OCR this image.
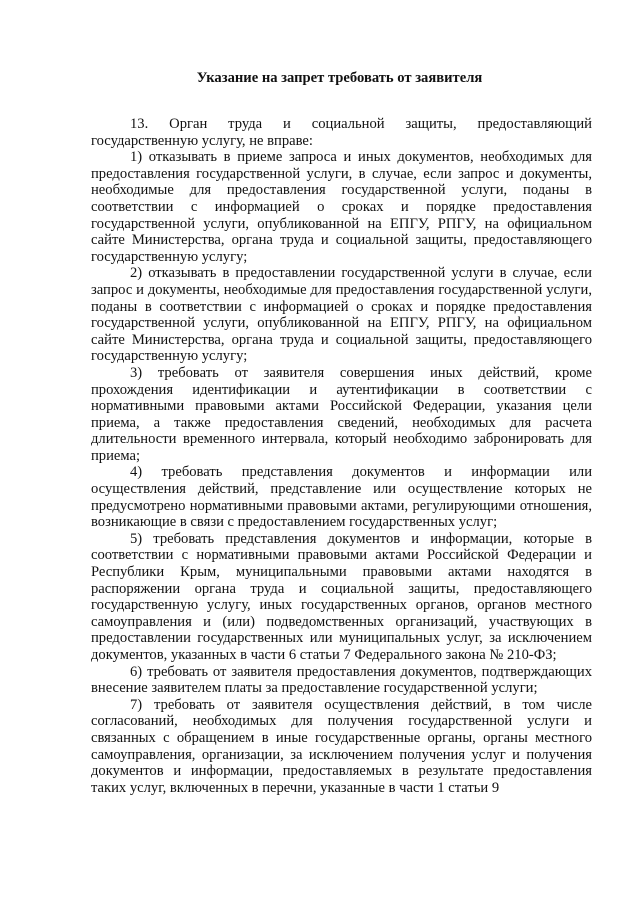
Указание на запрет требовать от заявителя

13. Орган труда и социальной защиты, предоставляющий государственную услугу, не вправе:

1) отказывать в приеме запроса и иных документов, необходимых для предоставления государственной услуги, в случае, если запрос и документы, необходимые для предоставления государственной услуги, поданы в соответствии с информацией о сроках и порядке предоставления государственной услуги, опубликованной на ЕПГУ, РПГУ, на официальном сайте Министерства, органа труда и социальной защиты, предоставляющего государственную услугу;

2) отказывать в предоставлении государственной услуги в случае, если запрос и документы, необходимые для предоставления государственной услуги, поданы в соответствии с информацией о сроках и порядке предоставления государственной услуги, опубликованной на ЕПГУ, РПГУ, на официальном сайте Министерства, органа труда и социальной защиты, предоставляющего государственную услугу;

3) требовать от заявителя совершения иных действий, кроме прохождения идентификации и аутентификации в соответствии с нормативными правовыми актами Российской Федерации, указания цели приема, а также предоставления сведений, необходимых для расчета длительности временного интервала, который необходимо забронировать для приема;

4) требовать представления документов и информации или осуществления действий, представление или осуществление которых не предусмотрено нормативными правовыми актами, регулирующими отношения, возникающие в связи с предоставлением государственных услуг;

5) требовать представления документов и информации, которые в соответствии с нормативными правовыми актами Российской Федерации и Республики Крым, муниципальными правовыми актами находятся в распоряжении органа труда и социальной защиты, предоставляющего государственную услугу, иных государственных органов, органов местного самоуправления и (или) подведомственных организаций, участвующих в предоставлении государственных или муниципальных услуг, за исключением документов, указанных в части 6 статьи 7 Федерального закона № 210-ФЗ;

6) требовать от заявителя предоставления документов, подтверждающих внесение заявителем платы за предоставление государственной услуги;

7) требовать от заявителя осуществления действий, в том числе согласований, необходимых для получения государственной услуги и связанных с обращением в иные государственные органы, органы местного самоуправления, организации, за исключением получения услуг и получения документов и информации, предоставляемых в результате предоставления таких услуг, включенных в перечни, указанные в части 1 статьи 9
